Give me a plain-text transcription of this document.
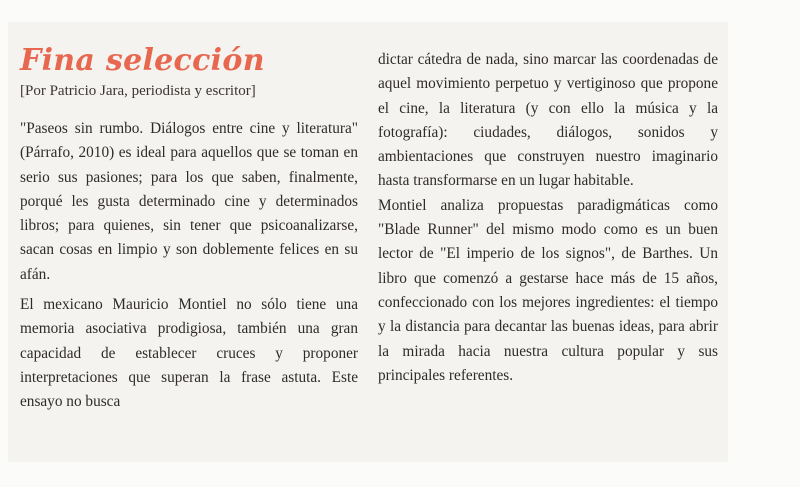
Fina selección
[Por Patricio Jara, periodista y escritor]

"Paseos sin rumbo. Diálogos entre cine y literatura" (Párrafo, 2010) es ideal para aquellos que se toman en serio sus pasiones; para los que saben, finalmente, porqué les gusta determinado cine y determinados libros; para quienes, sin tener que psicoanalizarse, sacan cosas en limpio y son doblemente felices en su afán.

El mexicano Mauricio Montiel no sólo tiene una memoria asociativa prodigiosa, también una gran capacidad de establecer cruces y proponer interpretaciones que superan la frase astuta. Este ensayo no busca

dictar cátedra de nada, sino marcar las coordenadas de aquel movimiento perpetuo y vertiginoso que propone el cine, la literatura (y con ello la música y la fotografía): ciudades, diálogos, sonidos y ambientaciones que construyen nuestro imaginario hasta transformarse en un lugar habitable.

Montiel analiza propuestas paradigmáticas como "Blade Runner" del mismo modo como es un buen lector de "El imperio de los signos", de Barthes. Un libro que comenzó a gestarse hace más de 15 años, confeccionado con los mejores ingredientes: el tiempo y la distancia para decantar las buenas ideas, para abrir la mirada hacia nuestra cultura popular y sus principales referentes.
